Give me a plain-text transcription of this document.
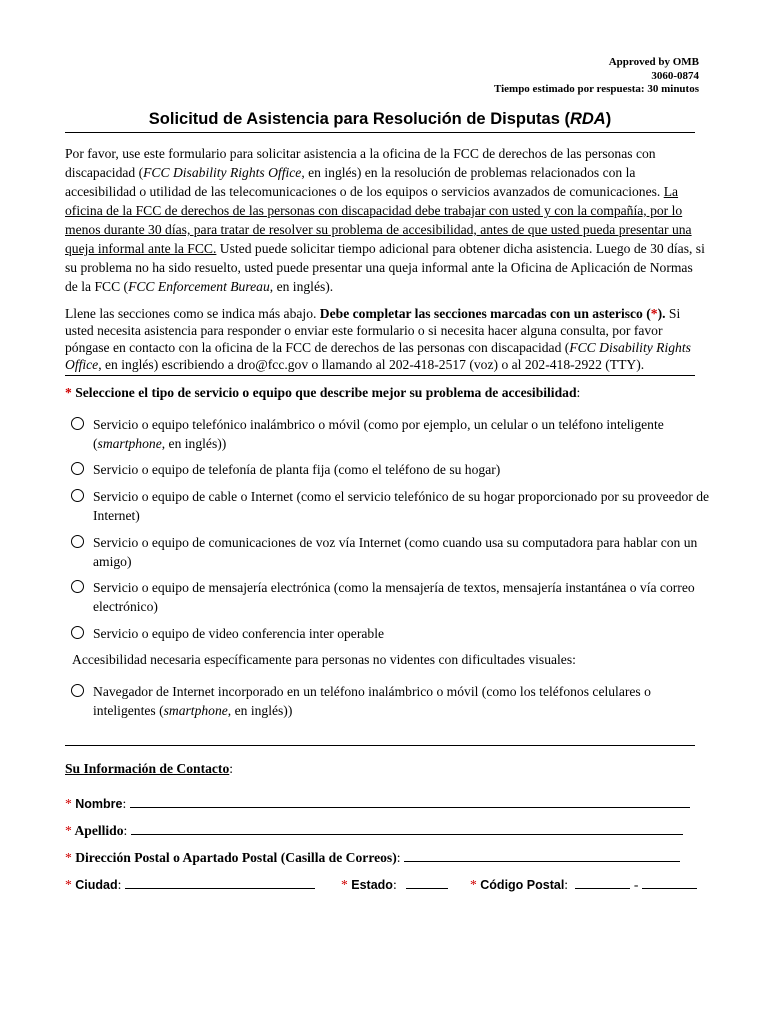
Approved by OMB
3060-0874
Tiempo estimado por respuesta: 30 minutos
Solicitud de Asistencia para Resolución de Disputas (RDA)
Por favor, use este formulario para solicitar asistencia a la oficina de la FCC de derechos de las personas con discapacidad (FCC Disability Rights Office, en inglés) en la resolución de problemas relacionados con la accesibilidad o utilidad de las telecomunicaciones o de los equipos o servicios avanzados de comunicaciones. La oficina de la FCC de derechos de las personas con discapacidad debe trabajar con usted y con la compañía, por lo menos durante 30 días, para tratar de resolver su problema de accesibilidad, antes de que usted pueda presentar una queja informal ante la FCC. Usted puede solicitar tiempo adicional para obtener dicha asistencia. Luego de 30 días, si su problema no ha sido resuelto, usted puede presentar una queja informal ante la Oficina de Aplicación de Normas de la FCC (FCC Enforcement Bureau, en inglés).
Llene las secciones como se indica más abajo. Debe completar las secciones marcadas con un asterisco (*). Si usted necesita asistencia para responder o enviar este formulario o si necesita hacer alguna consulta, por favor póngase en contacto con la oficina de la FCC de derechos de las personas con discapacidad (FCC Disability Rights Office, en inglés) escribiendo a dro@fcc.gov o llamando al 202-418-2517 (voz) o al 202-418-2922 (TTY).
* Seleccione el tipo de servicio o equipo que describe mejor su problema de accesibilidad:
Servicio o equipo telefónico inalámbrico o móvil (como por ejemplo, un celular o un teléfono inteligente (smartphone, en inglés))
Servicio o equipo de telefonía de planta fija (como el teléfono de su hogar)
Servicio o equipo de cable o Internet (como el servicio telefónico de su hogar proporcionado por su proveedor de Internet)
Servicio o equipo de comunicaciones de voz vía Internet (como cuando usa su computadora para hablar con un amigo)
Servicio o equipo de mensajería electrónica (como la mensajería de textos, mensajería instantánea o vía correo electrónico)
Servicio o equipo de video conferencia inter operable
Accesibilidad necesaria específicamente para personas no videntes con dificultades visuales:
Navegador de Internet incorporado en un teléfono inalámbrico o móvil (como los teléfonos celulares o inteligentes (smartphone, en inglés))
Su Información de Contacto:
* Nombre:
* Apellido:
* Dirección Postal o Apartado Postal (Casilla de Correos):
* Ciudad:	* Estado:	* Código Postal:	-
